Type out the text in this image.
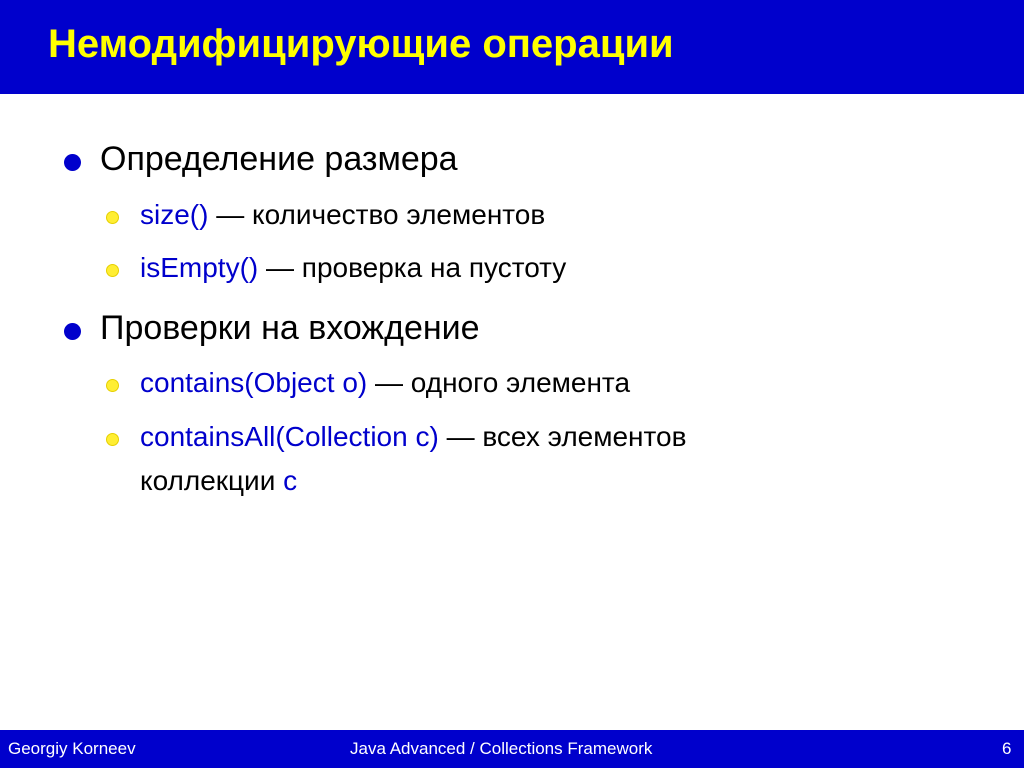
Немодифицирующие операции
Определение размера
size() — количество элементов
isEmpty() — проверка на пустоту
Проверки на вхождение
contains(Object o) — одного элемента
containsAll(Collection c) — всех элементов
коллекции c
Georgiy Korneev	Java Advanced / Collections Framework	6
